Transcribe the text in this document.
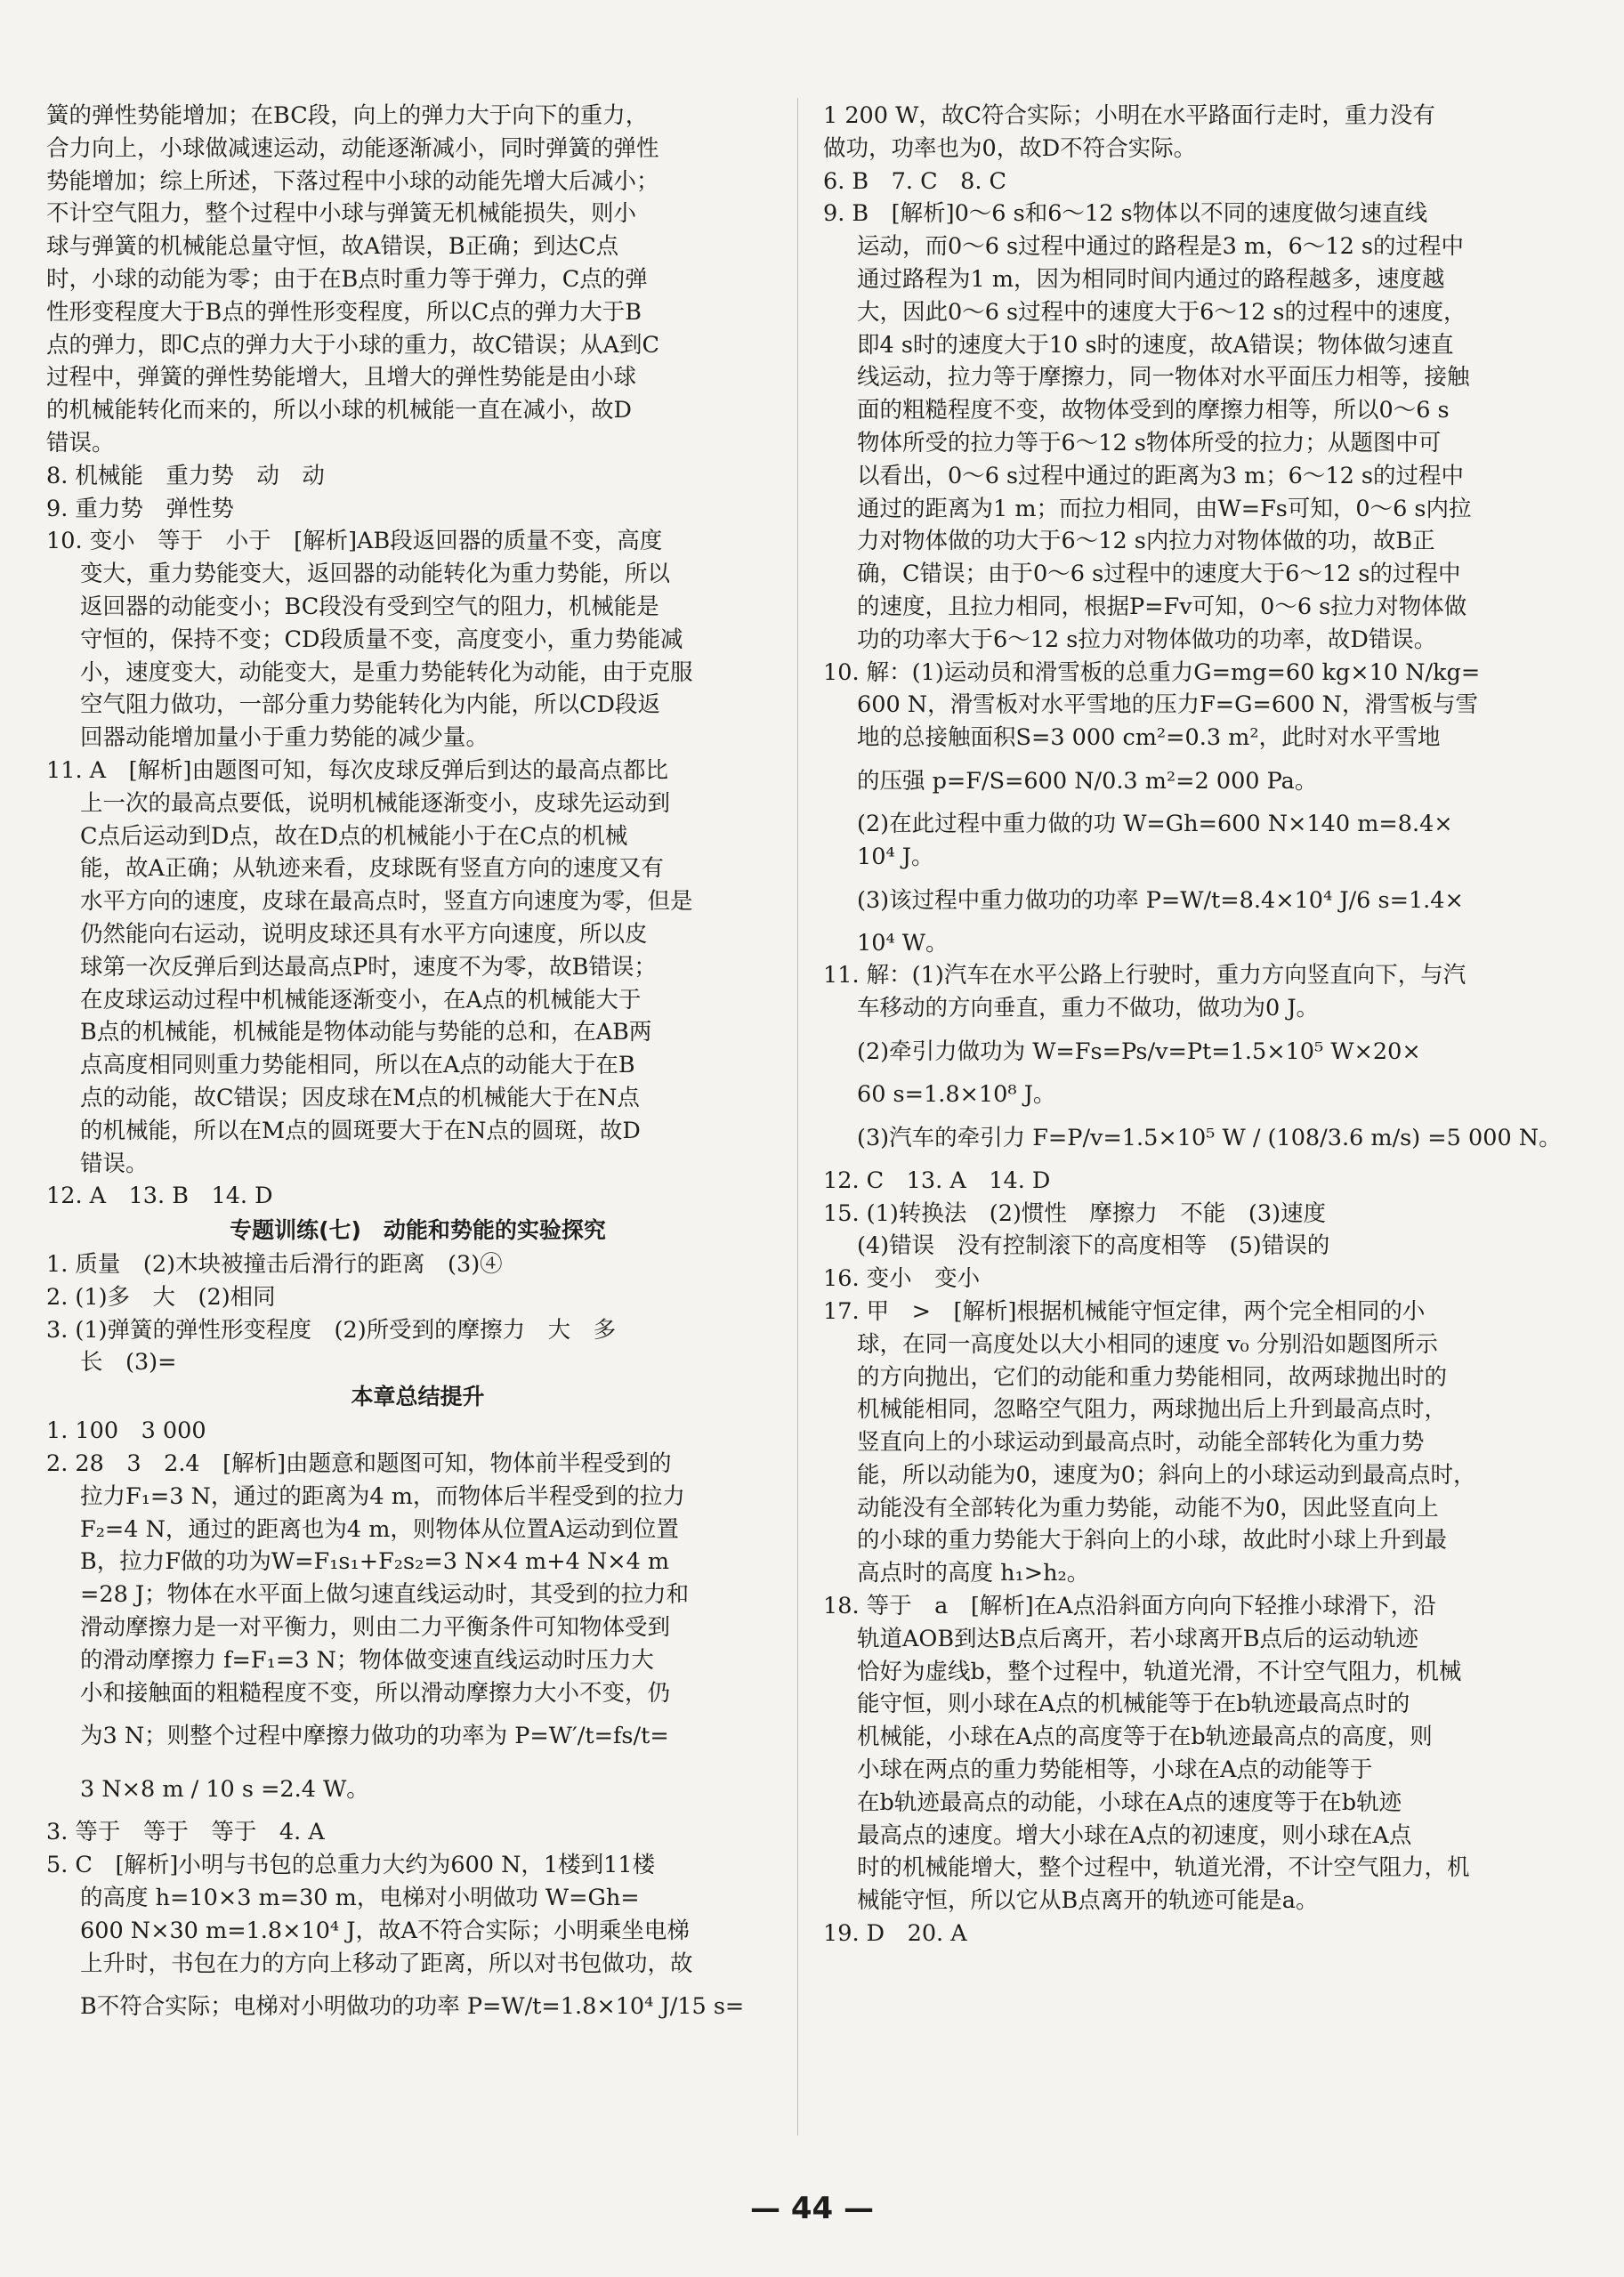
簧的弹性势能增加；在BC段，向上的弹力大于向下的重力，
合力向上，小球做减速运动，动能逐渐减小，同时弹簧的弹性
势能增加；综上所述，下落过程中小球的动能先增大后减小；
不计空气阻力，整个过程中小球与弹簧无机械能损失，则小
球与弹簧的机械能总量守恒，故A错误，B正确；到达C点
时，小球的动能为零；由于在B点时重力等于弹力，C点的弹
性形变程度大于B点的弹性形变程度，所以C点的弹力大于B
点的弹力，即C点的弹力大于小球的重力，故C错误；从A到C
过程中，弹簧的弹性势能增大，且增大的弹性势能是由小球
的机械能转化而来的，所以小球的机械能一直在减小，故D
错误。
8. 机械能　重力势　动　动
9. 重力势　弹性势
10. 变小　等于　小于　[解析]AB段返回器的质量不变，高度
变大，重力势能变大，返回器的动能转化为重力势能，所以
返回器的动能变小；BC段没有受到空气的阻力，机械能是
守恒的，保持不变；CD段质量不变，高度变小，重力势能减
小，速度变大，动能变大，是重力势能转化为动能，由于克服
空气阻力做功，一部分重力势能转化为内能，所以CD段返
回器动能增加量小于重力势能的减少量。
11. A　[解析]由题图可知，每次皮球反弹后到达的最高点都比
上一次的最高点要低，说明机械能逐渐变小，皮球先运动到
C点后运动到D点，故在D点的机械能小于在C点的机械
能，故A正确；从轨迹来看，皮球既有竖直方向的速度又有
水平方向的速度，皮球在最高点时，竖直方向速度为零，但是
仍然能向右运动，说明皮球还具有水平方向速度，所以皮
球第一次反弹后到达最高点P时，速度不为零，故B错误；
在皮球运动过程中机械能逐渐变小，在A点的机械能大于
B点的机械能，机械能是物体动能与势能的总和，在AB两
点高度相同则重力势能相同，所以在A点的动能大于在B
点的动能，故C错误；因皮球在M点的机械能大于在N点
的机械能，所以在M点的圆斑要大于在N点的圆斑，故D
错误。
12. A　13. B　14. D
专题训练(七)　动能和势能的实验探究
1. 质量　(2)木块被撞击后滑行的距离　(3)④
2. (1)多　大　(2)相同
3. (1)弹簧的弹性形变程度　(2)所受到的摩擦力　大　多
长　(3)=
本章总结提升
1. 100　3 000
2. 28　3　2.4　[解析]由题意和题图可知，物体前半程受到的
拉力F₁=3 N，通过的距离为4 m，而物体后半程受到的拉力
F₂=4 N，通过的距离也为4 m，则物体从位置A运动到位置
B，拉力F做的功为W=F₁s₁+F₂s₂=3 N×4 m+4 N×4 m
=28 J；物体在水平面上做匀速直线运动时，其受到的拉力和
滑动摩擦力是一对平衡力，则由二力平衡条件可知物体受到
的滑动摩擦力 f=F₁=3 N；物体做变速直线运动时压力大
小和接触面的粗糙程度不变，所以滑动摩擦力大小不变，仍
为3 N；则整个过程中摩擦力做功的功率为 P=W′/t=fs/t=
3 N×8 m / 10 s =2.4 W。
3. 等于　等于　等于　4. A
5. C　[解析]小明与书包的总重力大约为600 N，1楼到11楼
的高度 h=10×3 m=30 m，电梯对小明做功 W=Gh=
600 N×30 m=1.8×10⁴ J，故A不符合实际；小明乘坐电梯
上升时，书包在力的方向上移动了距离，所以对书包做功，故
B不符合实际；电梯对小明做功的功率 P=W/t=1.8×10⁴ J/15 s=
1 200 W，故C符合实际；小明在水平路面行走时，重力没有
做功，功率也为0，故D不符合实际。
6. B　7. C　8. C
9. B　[解析]0～6 s和6～12 s物体以不同的速度做匀速直线
运动，而0～6 s过程中通过的路程是3 m，6～12 s的过程中
通过路程为1 m，因为相同时间内通过的路程越多，速度越
大，因此0～6 s过程中的速度大于6～12 s的过程中的速度，
即4 s时的速度大于10 s时的速度，故A错误；物体做匀速直
线运动，拉力等于摩擦力，同一物体对水平面压力相等，接触
面的粗糙程度不变，故物体受到的摩擦力相等，所以0～6 s
物体所受的拉力等于6～12 s物体所受的拉力；从题图中可
以看出，0～6 s过程中通过的距离为3 m；6～12 s的过程中
通过的距离为1 m；而拉力相同，由W=Fs可知，0～6 s内拉
力对物体做的功大于6～12 s内拉力对物体做的功，故B正
确，C错误；由于0～6 s过程中的速度大于6～12 s的过程中
的速度，且拉力相同，根据P=Fv可知，0～6 s拉力对物体做
功的功率大于6～12 s拉力对物体做功的功率，故D错误。
10. 解：(1)运动员和滑雪板的总重力G=mg=60 kg×10 N/kg=
600 N，滑雪板对水平雪地的压力F=G=600 N，滑雪板与雪
地的总接触面积S=3 000 cm²=0.3 m²，此时对水平雪地
的压强 p=F/S=600 N/0.3 m²=2 000 Pa。
(2)在此过程中重力做的功 W=Gh=600 N×140 m=8.4×
10⁴ J。
(3)该过程中重力做功的功率 P=W/t=8.4×10⁴ J/6 s=1.4×
10⁴ W。
11. 解：(1)汽车在水平公路上行驶时，重力方向竖直向下，与汽
车移动的方向垂直，重力不做功，做功为0 J。
(2)牵引力做功为 W=Fs=Ps/v=Pt=1.5×10⁵ W×20×
60 s=1.8×10⁸ J。
(3)汽车的牵引力 F=P/v=1.5×10⁵ W / (108/3.6 m/s) =5 000 N。
12. C　13. A　14. D
15. (1)转换法　(2)惯性　摩擦力　不能　(3)速度
(4)错误　没有控制滚下的高度相等　(5)错误的
16. 变小　变小
17. 甲　>　[解析]根据机械能守恒定律，两个完全相同的小
球，在同一高度处以大小相同的速度 v₀ 分别沿如题图所示
的方向抛出，它们的动能和重力势能相同，故两球抛出时的
机械能相同，忽略空气阻力，两球抛出后上升到最高点时，
竖直向上的小球运动到最高点时，动能全部转化为重力势
能，所以动能为0，速度为0；斜向上的小球运动到最高点时，
动能没有全部转化为重力势能，动能不为0，因此竖直向上
的小球的重力势能大于斜向上的小球，故此时小球上升到最
高点时的高度 h₁>h₂。
18. 等于　a　[解析]在A点沿斜面方向向下轻推小球滑下，沿
轨道AOB到达B点后离开，若小球离开B点后的运动轨迹
恰好为虚线b，整个过程中，轨道光滑，不计空气阻力，机械
能守恒，则小球在A点的机械能等于在b轨迹最高点时的
机械能，小球在A点的高度等于在b轨迹最高点的高度，则
小球在两点的重力势能相等，小球在A点的动能等于
在b轨迹最高点的动能，小球在A点的速度等于在b轨迹
最高点的速度。增大小球在A点的初速度，则小球在A点
时的机械能增大，整个过程中，轨道光滑，不计空气阻力，机
械能守恒，所以它从B点离开的轨迹可能是a。
19. D　20. A
— 44 —
